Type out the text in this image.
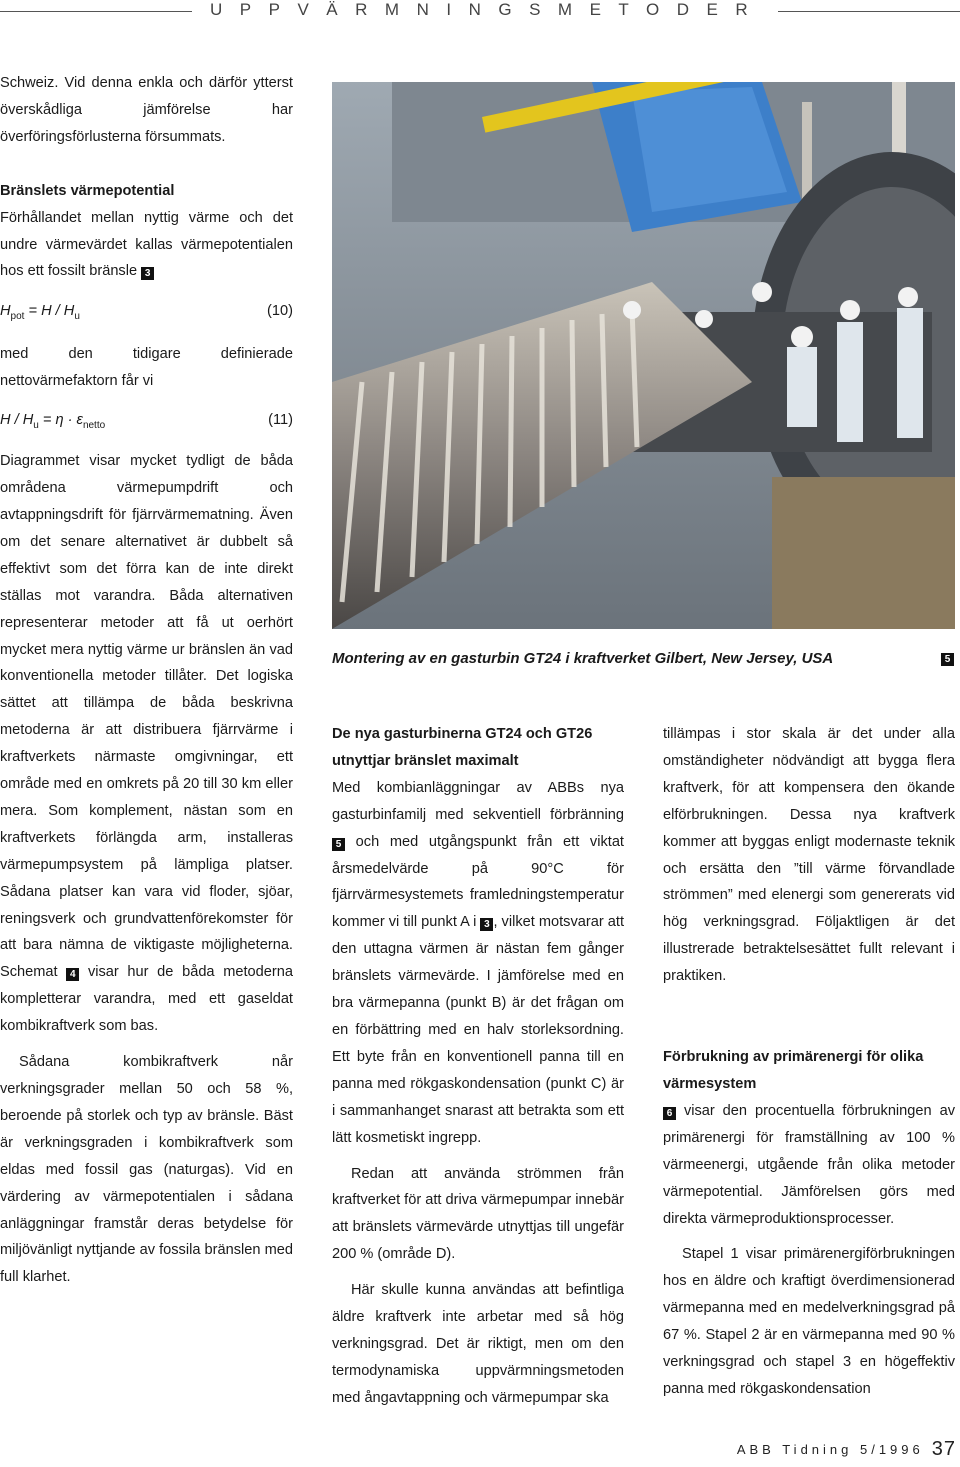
UPPVÄRMNINGSMETODER

Schweiz. Vid denna enkla och därför ytterst överskådliga jämförelse har överföringsförlusterna försummats.

Bränslets värmepotential

Förhållandet mellan nyttig värme och det undre värmevärdet kallas värmepotentialen hos ett fossilt bränsle 3

$H_{pot} = H / H_u$	(10)

med den tidigare definierade nettovärmefaktorn får vi

$H / H_u = \eta \cdot \varepsilon_{netto}$	(11)

Diagrammet visar mycket tydligt de båda områdena värmepumpdrift och avtappningsdrift för fjärrvärmematning. Även om det senare alternativet är dubbelt så effektivt som det förra kan de inte direkt ställas mot varandra. Båda alternativen representerar metoder att få ut oerhört mycket mera nyttig värme ur bränslen än vad konventionella metoder tillåter. Det logiska sättet att tillämpa de båda beskrivna metoderna är att distribuera fjärrvärme i kraftverkets närmaste omgivningar, ett område med en omkrets på 20 till 30 km eller mera. Som komplement, nästan som en kraftverkets förlängda arm, installeras värmepumpsystem på lämpliga platser. Sådana platser kan vara vid floder, sjöar, reningsverk och grundvattenförekomster för att bara nämna de viktigaste möjligheterna. Schemat 4 visar hur de båda metoderna kompletterar varandra, med ett gaseldat kombikraftverk som bas.

Sådana kombikraftverk når verkningsgrader mellan 50 och 58 %, beroende på storlek och typ av bränsle. Bäst är verkningsgraden i kombikraftverk som eldas med fossil gas (naturgas). Vid en värdering av värmepotentialen i sådana anläggningar framstår deras betydelse för miljövänligt nyttjande av fossila bränslen med full klarhet.

Montering av en gasturbin GT24 i kraftverket Gilbert, New Jersey, USA	5
De nya gasturbinerna GT24 och GT26 utnyttjar bränslet maximalt

Med kombianläggningar av ABBs nya gasturbinfamilj med sekventiell förbränning 5 och med utgångspunkt från ett viktat årsmedelvärde på 90°C för fjärrvärmesystemets framledningstemperatur kommer vi till punkt A i 3 , vilket motsvarar att den uttagna värmen är nästan fem gånger bränslets värmevärde. I jämförelse med en bra värmepanna (punkt B) är det frågan om en förbättring med en halv storleksordning. Ett byte från en konventionell panna till en panna med rökgaskondensation (punkt C) är i sammanhanget snarast att betrakta som ett lätt kosmetiskt ingrepp.

Redan att använda strömmen från kraftverket för att driva värmepumpar innebär att bränslets värmevärde utnyttjas till ungefär 200 % (område D).

Här skulle kunna användas att befintliga äldre kraftverk inte arbetar med så hög verkningsgrad. Det är riktigt, men om den termodynamiska uppvärmningsmetoden med ångavtappning och värmepumpar ska

tillämpas i stor skala är det under alla omständigheter nödvändigt att bygga flera kraftverk, för att kompensera den ökande elförbrukningen. Dessa nya kraftverk kommer att byggas enligt modernaste teknik och ersätta den ”till värme förvandlade strömmen” med elenergi som genererats vid hög verkningsgrad. Följaktligen är det illustrerade betraktelsesättet fullt relevant i praktiken.

Förbrukning av primärenergi för olika värmesystem

6 visar den procentuella förbrukningen av primärenergi för framställning av 100 % värmeenergi, utgående från olika metoder värmepotential. Jämförelsen görs med direkta värmeproduktionsprocesser.

Stapel 1 visar primärenergiförbrukningen hos en äldre och kraftigt överdimensionerad värmepanna med en medelverkningsgrad på 67 %. Stapel 2 är en värmepanna med 90 % verkningsgrad och stapel 3 en högeffektiv panna med rökgaskondensation

ABB Tidning 5/1996 37
